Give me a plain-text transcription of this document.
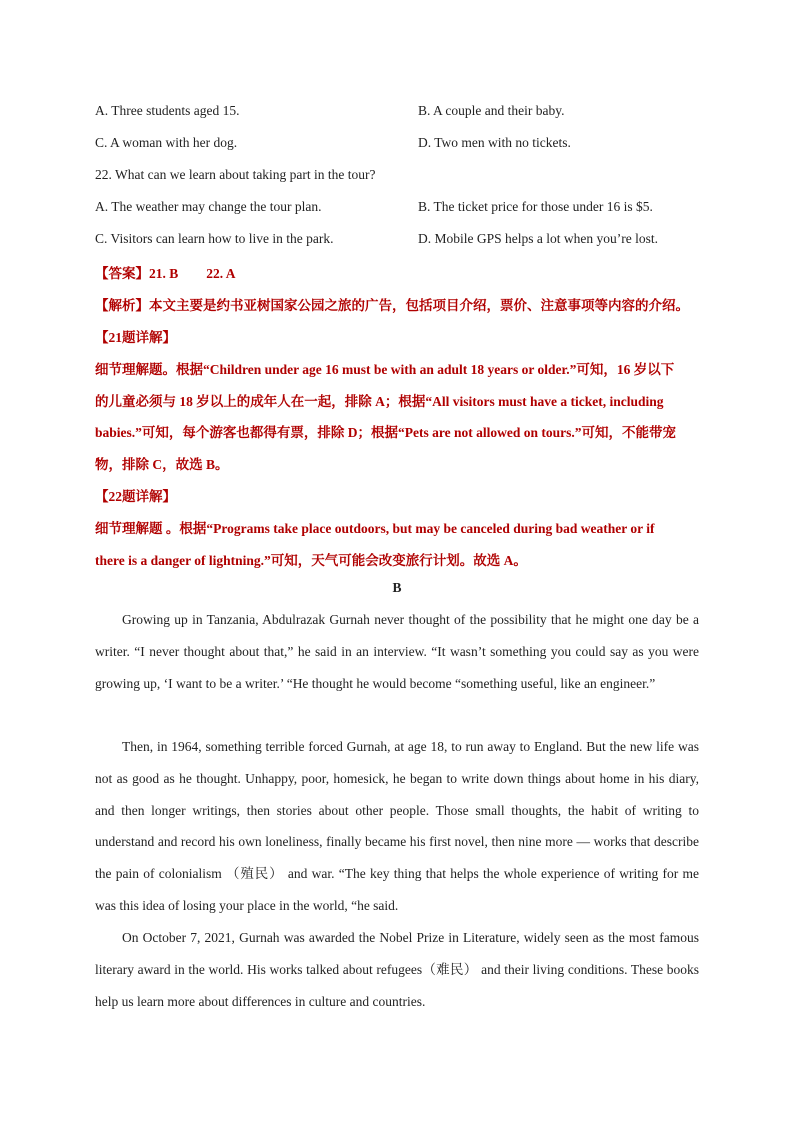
A. Three students aged 15.	B. A couple and their baby.
C. A woman with her dog.	D. Two men with no tickets.
22. What can we learn about taking part in the tour?
A. The weather may change the tour plan.	B. The ticket price for those under 16 is $5.
C. Visitors can learn how to live in the park.	D. Mobile GPS helps a lot when you’re lost.
【答案】21. B 22. A
【解析】本文主要是约书亚树国家公园之旅的广告，包括项目介绍，票价、注意事项等内容的介绍。
【21题详解】
细节理解题。根据“Children under age 16 must be with an adult 18 years or older.”可知，16 岁以下
的儿童必须与 18 岁以上的成年人在一起，排除 A；根据“All visitors must have a ticket, including
babies.”可知，每个游客也都得有票，排除 D；根据“Pets are not allowed on tours.”可知，不能带宠
物，排除 C，故选 B。
【22题详解】
细节理解题 。根据“Programs take place outdoors, but may be canceled during bad weather or if
there is a danger of lightning.”可知，天气可能会改变旅行计划。故选 A。
B
Growing up in Tanzania, Abdulrazak Gurnah never thought of the possibility that he might one day be a writer. “I never thought about that,” he said in an interview. “It wasn’t something you could say as you were growing up, ‘I want to be a writer.’ “He thought he would become “something useful, like an engineer.”
Then, in 1964, something terrible forced Gurnah, at age 18, to run away to England. But the new life was not as good as he thought. Unhappy, poor, homesick, he began to write down things about home in his diary, and then longer writings, then stories about other people. Those small thoughts, the habit of writing to understand and record his own loneliness, finally became his first novel, then nine more — works that describe the pain of colonialism （殖民） and war. “The key thing that helps the whole experience of writing for me was this idea of losing your place in the world, “he said.
On October 7, 2021, Gurnah was awarded the Nobel Prize in Literature, widely seen as the most famous literary award in the world. His works talked about refugees（难民） and their living conditions. These books help us learn more about differences in culture and countries.
